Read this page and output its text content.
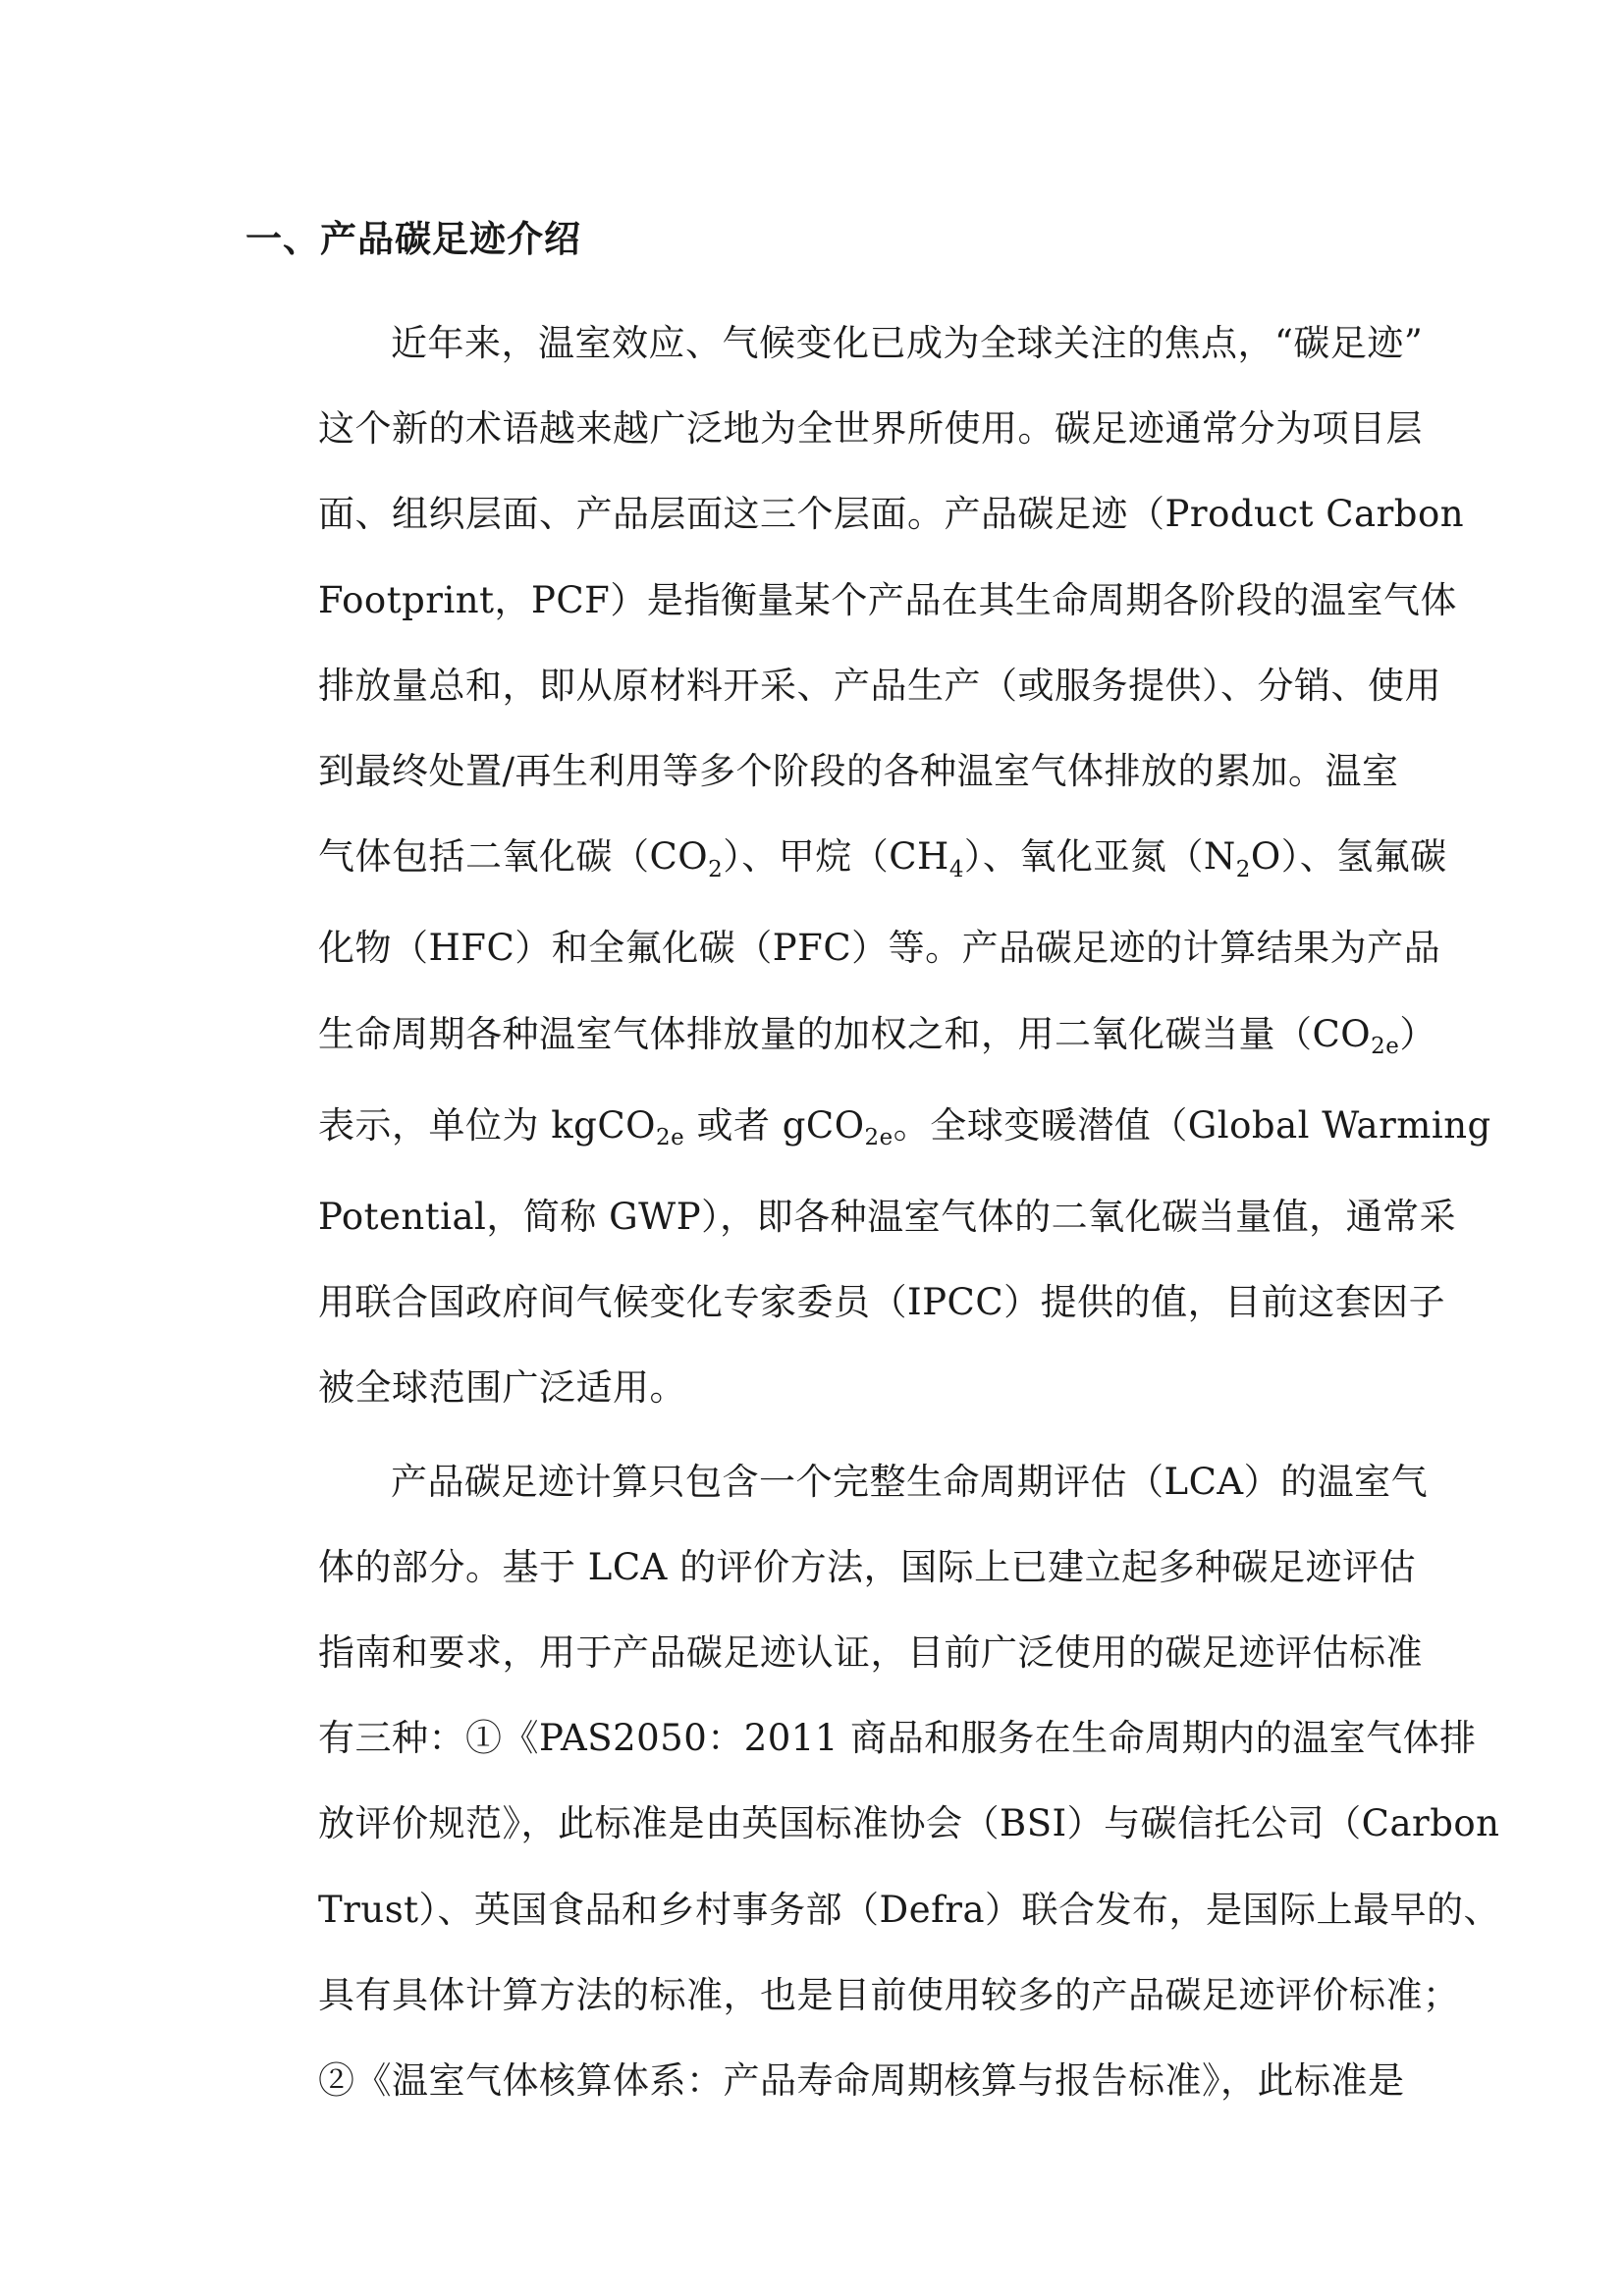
一、产品碳足迹介绍
近年来，温室效应、气候变化已成为全球关注的焦点，“碳足迹”
这个新的术语越来越广泛地为全世界所使用。碳足迹通常分为项目层
面、组织层面、产品层面这三个层面。产品碳足迹（Product Carbon
Footprint，PCF）是指衡量某个产品在其生命周期各阶段的温室气体
排放量总和，即从原材料开采、产品生产（或服务提供）、分销、使用
到最终处置/再生利用等多个阶段的各种温室气体排放的累加。温室
气体包括二氧化碳$(CO_2)$、甲烷$(CH_4)$、氧化亚氮$(N_2O)$、氢氟碳
化物（HFC）和全氟化碳（PFC）等。产品碳足迹的计算结果为产品
生命周期各种温室气体排放量的加权之和，用二氧化碳当量$(CO_{2e})$
表示，单位为 kgCO$_{2e}$ 或者 gCO$_{2e}$。全球变暖潜值（Global Warming
Potential，简称 GWP），即各种温室气体的二氧化碳当量值，通常采
用联合国政府间气候变化专家委员（IPCC）提供的值，目前这套因子
被全球范围广泛适用。
产品碳足迹计算只包含一个完整生命周期评估（LCA）的温室气
体的部分。基于 LCA 的评价方法，国际上已建立起多种碳足迹评估
指南和要求，用于产品碳足迹认证，目前广泛使用的碳足迹评估标准
有三种：①《PAS2050：2011 商品和服务在生命周期内的温室气体排
放评价规范》，此标准是由英国标准协会（BSI）与碳信托公司（Carbon
Trust）、英国食品和乡村事务部（Defra）联合发布，是国际上最早的、
具有具体计算方法的标准，也是目前使用较多的产品碳足迹评价标准；
②《温室气体核算体系：产品寿命周期核算与报告标准》，此标准是
